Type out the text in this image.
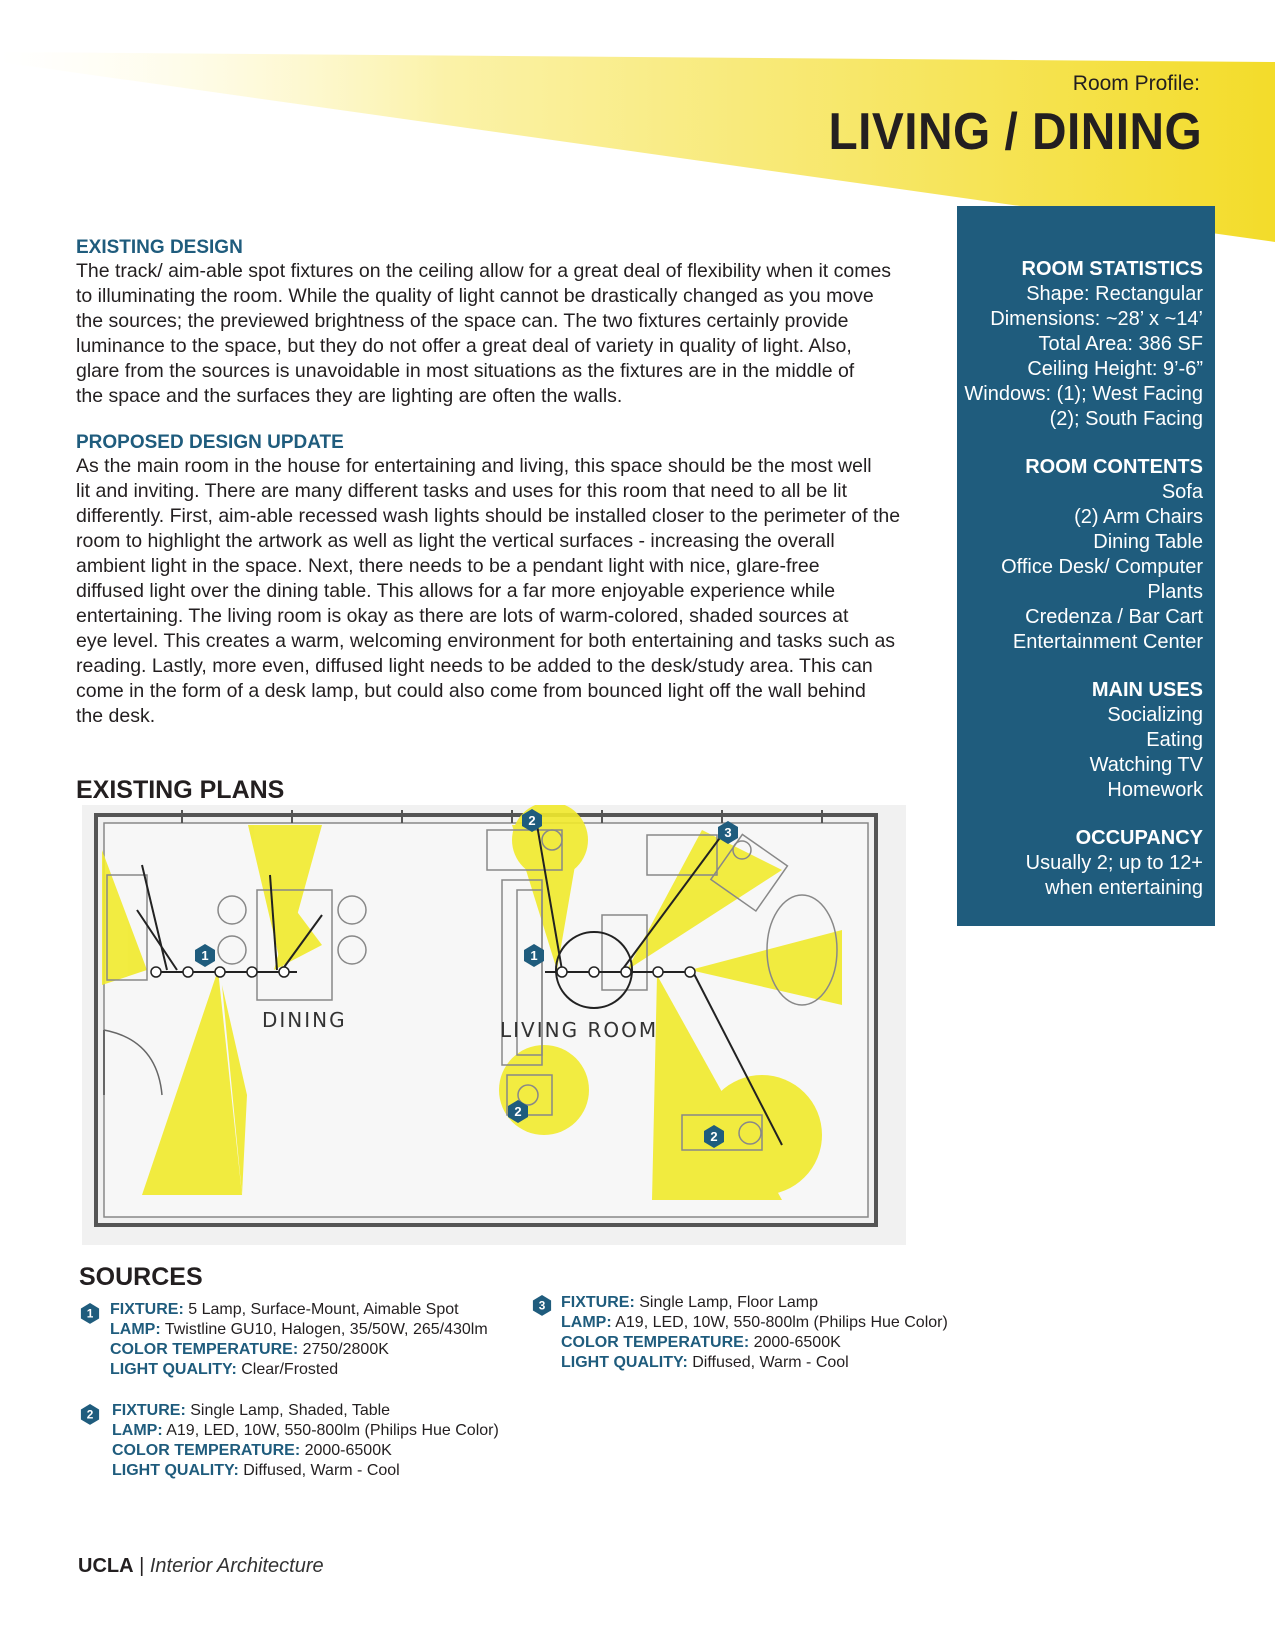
Room Profile:
LIVING / DINING
EXISTING DESIGN

The track/ aim-able spot fixtures on the ceiling allow for a great deal of flexibility when it comes

to illuminating the room. While the quality of light cannot be drastically changed as you move

the sources; the previewed brightness of the space can. The two fixtures certainly provide

luminance to the space, but they do not offer a great deal of variety in quality of light. Also,

glare from the sources is unavoidable in most situations as the fixtures are in the middle of

the space and the surfaces they are lighting are often the walls.

PROPOSED DESIGN UPDATE

As the main room in the house for entertaining and living, this space should be the most well

lit and inviting. There are many different tasks and uses for this room that need to all be lit

differently. First, aim-able recessed wash lights should be installed closer to the perimeter of the

room to highlight the artwork as well as light the vertical surfaces - increasing the overall

ambient light in the space. Next, there needs to be a pendant light with nice, glare-free

diffused light over the dining table. This allows for a far more enjoyable experience while

entertaining. The living room is okay as there are lots of warm-colored, shaded sources at

eye level. This creates a warm, welcoming environment for both entertaining and tasks such as

reading. Lastly, more even, diffused light needs to be added to the desk/study area. This can

come in the form of a desk lamp, but could also come from bounced light off the wall behind

the desk.

EXISTING PLANS
DINING	LIVING ROOM
1
2
3
1
2
2
ROOM STATISTICS

Shape: Rectangular

Dimensions: ~28’ x ~14’

Total Area: 386 SF

Ceiling Height: 9’-6”

Windows: (1); West Facing

(2); South Facing

ROOM CONTENTS

Sofa

(2) Arm Chairs

Dining Table

Office Desk/ Computer

Plants

Credenza / Bar Cart

Entertainment Center

MAIN USES

Socializing

Eating

Watching TV

Homework

OCCUPANCY

Usually 2; up to 12+

when entertaining

SOURCES
1 FIXTURE: 5 Lamp, Surface-Mount, Aimable Spot
LAMP: Twistline GU10, Halogen, 35/50W, 265/430lm
COLOR TEMPERATURE: 2750/2800K
LIGHT QUALITY: Clear/Frosted
2 FIXTURE: Single Lamp, Shaded, Table
LAMP: A19, LED, 10W, 550-800lm (Philips Hue Color)
COLOR TEMPERATURE: 2000-6500K
LIGHT QUALITY: Diffused, Warm - Cool
3 FIXTURE: Single Lamp, Floor Lamp
LAMP: A19, LED, 10W, 550-800lm (Philips Hue Color)
COLOR TEMPERATURE: 2000-6500K
LIGHT QUALITY: Diffused, Warm - Cool
UCLA | Interior Architecture
